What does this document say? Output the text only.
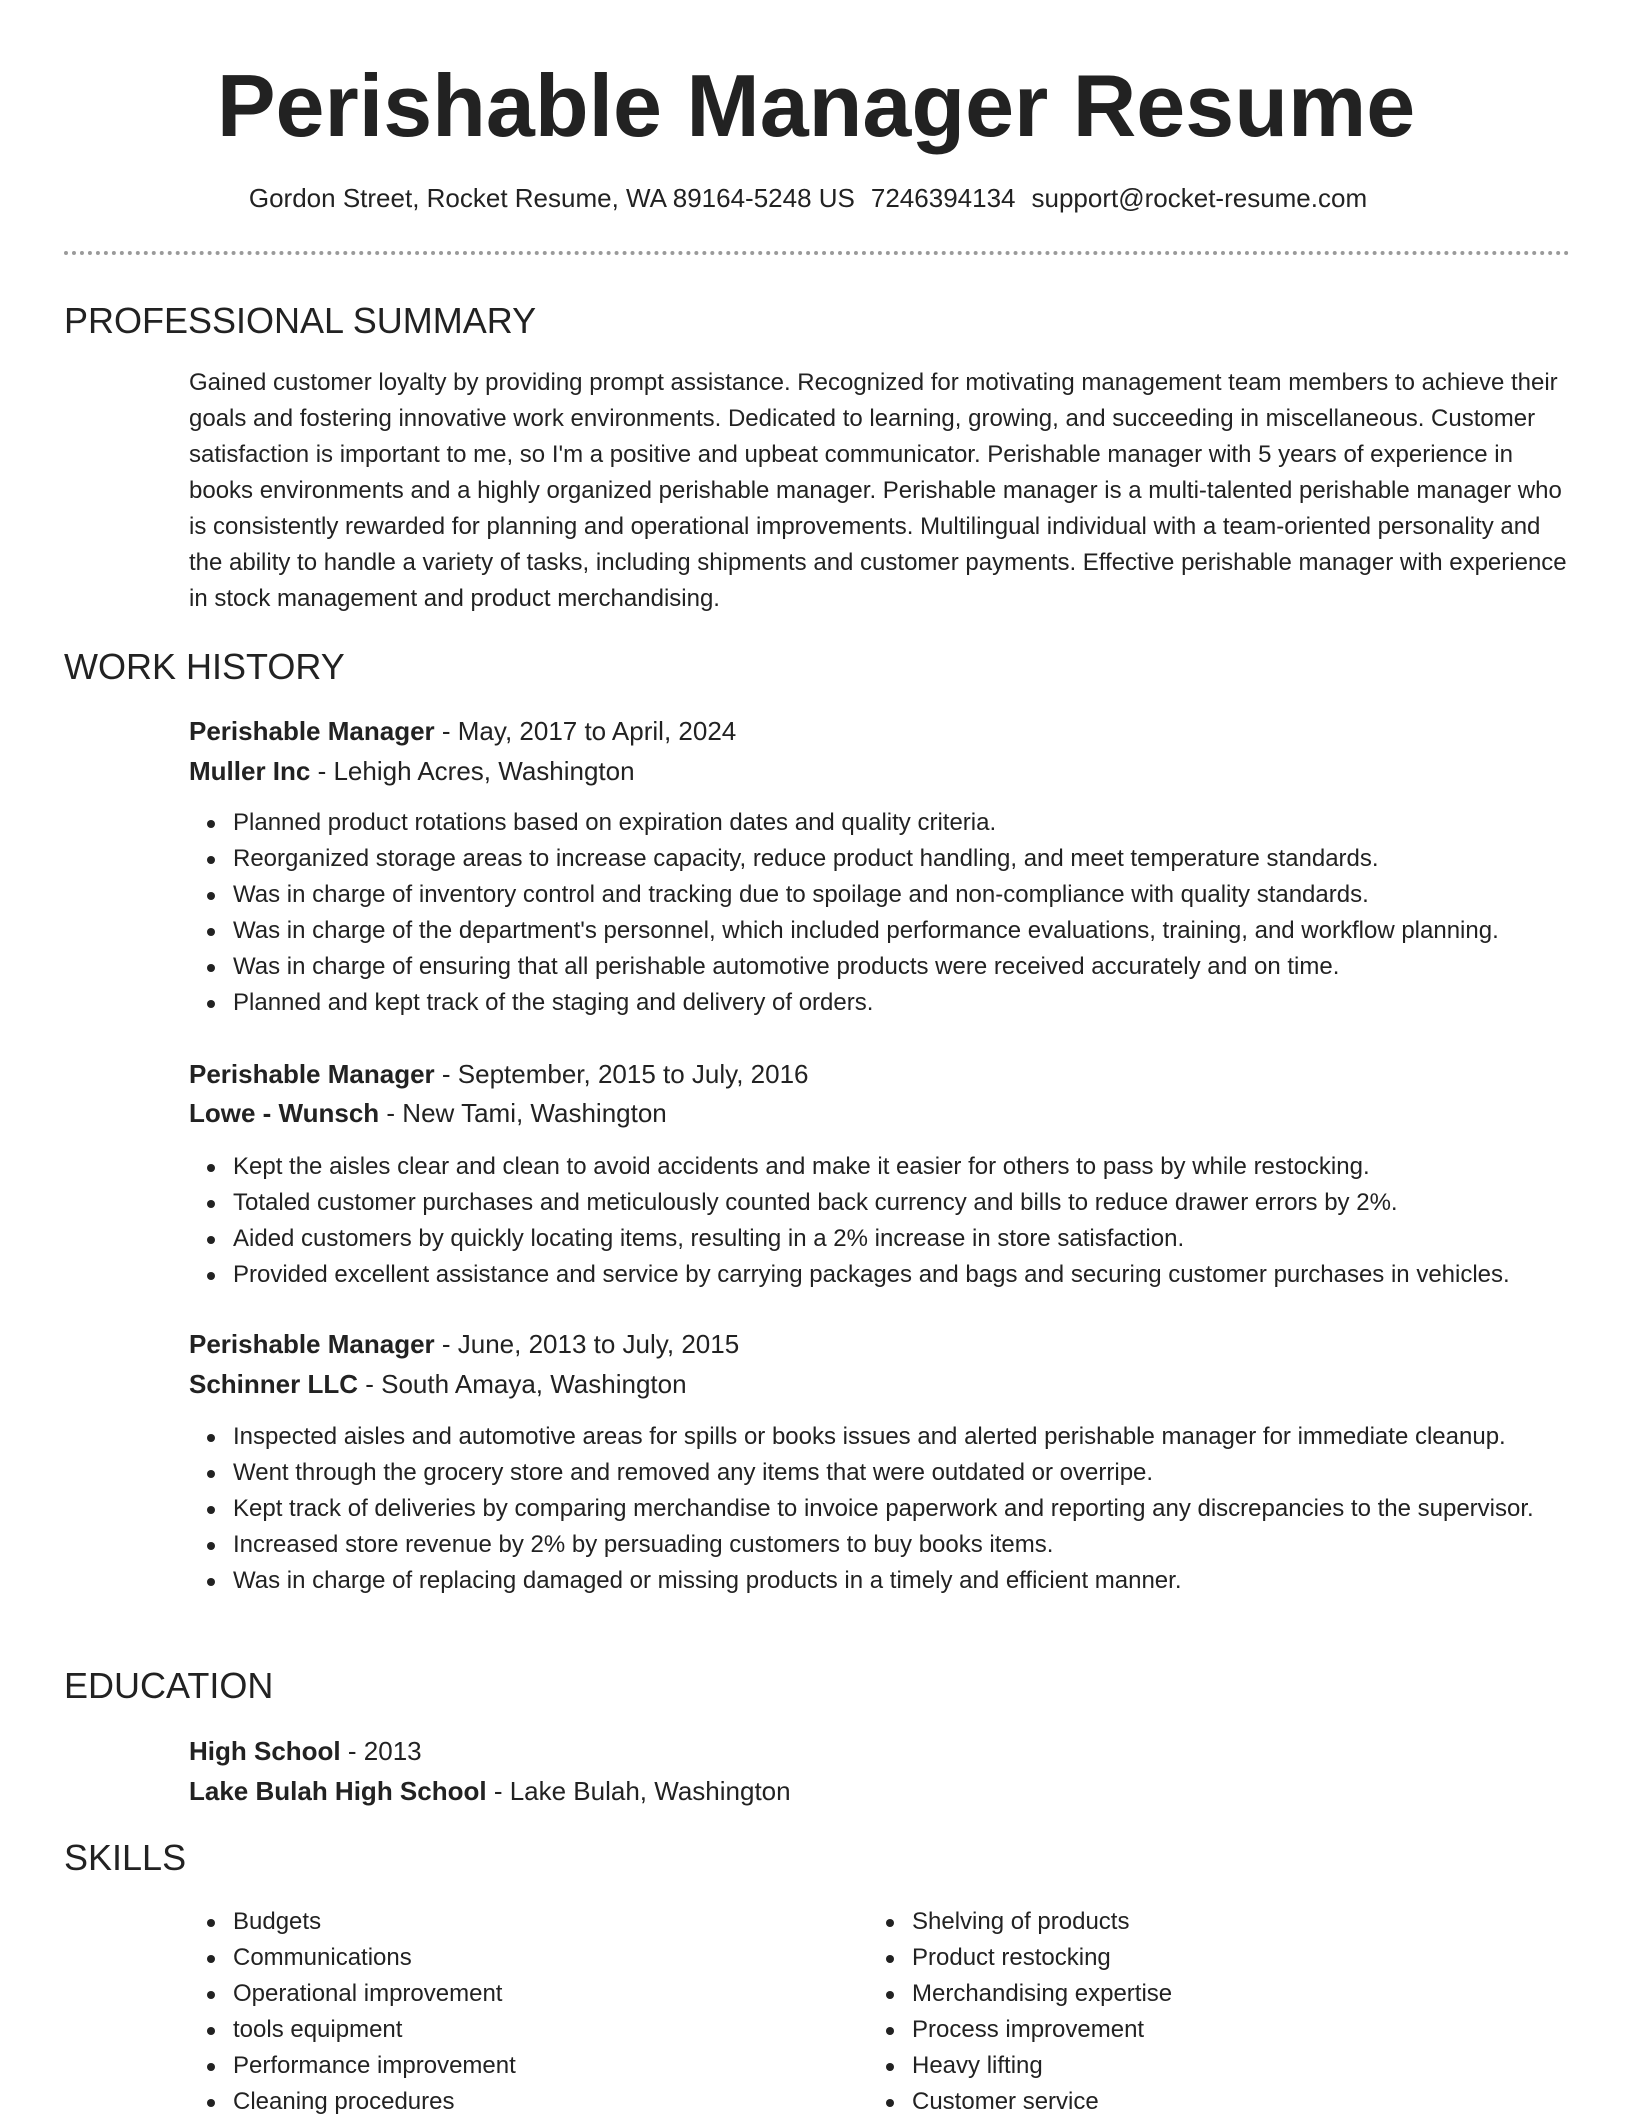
Perishable Manager Resume
Gordon Street, Rocket Resume, WA 89164-5248 US 7246394134 support@rocket-resume.com
PROFESSIONAL SUMMARY

Gained customer loyalty by providing prompt assistance. Recognized for motivating management team members to achieve their goals and fostering innovative work environments. Dedicated to learning, growing, and succeeding in miscellaneous. Customer satisfaction is important to me, so I'm a positive and upbeat communicator. Perishable manager with 5 years of experience in books environments and a highly organized perishable manager. Perishable manager is a multi-talented perishable manager who is consistently rewarded for planning and operational improvements. Multilingual individual with a team-oriented personality and the ability to handle a variety of tasks, including shipments and customer payments. Effective perishable manager with experience in stock management and product merchandising.

WORK HISTORY
Perishable Manager - May, 2017 to April, 2024
Muller Inc - Lehigh Acres, Washington
Planned product rotations based on expiration dates and quality criteria.
Reorganized storage areas to increase capacity, reduce product handling, and meet temperature standards.
Was in charge of inventory control and tracking due to spoilage and non-compliance with quality standards.
Was in charge of the department's personnel, which included performance evaluations, training, and workflow planning.
Was in charge of ensuring that all perishable automotive products were received accurately and on time.
Planned and kept track of the staging and delivery of orders.
Perishable Manager - September, 2015 to July, 2016
Lowe - Wunsch - New Tami, Washington
Kept the aisles clear and clean to avoid accidents and make it easier for others to pass by while restocking.
Totaled customer purchases and meticulously counted back currency and bills to reduce drawer errors by 2%.
Aided customers by quickly locating items, resulting in a 2% increase in store satisfaction.
Provided excellent assistance and service by carrying packages and bags and securing customer purchases in vehicles.
Perishable Manager - June, 2013 to July, 2015
Schinner LLC - South Amaya, Washington
Inspected aisles and automotive areas for spills or books issues and alerted perishable manager for immediate cleanup.
Went through the grocery store and removed any items that were outdated or overripe.
Kept track of deliveries by comparing merchandise to invoice paperwork and reporting any discrepancies to the supervisor.
Increased store revenue by 2% by persuading customers to buy books items.
Was in charge of replacing damaged or missing products in a timely and efficient manner.
EDUCATION
High School - 2013
Lake Bulah High School - Lake Bulah, Washington
SKILLS
Budgets
Communications
Operational improvement
tools equipment
Performance improvement
Cleaning procedures
Shelving of products
Product restocking
Merchandising expertise
Process improvement
Heavy lifting
Customer service
